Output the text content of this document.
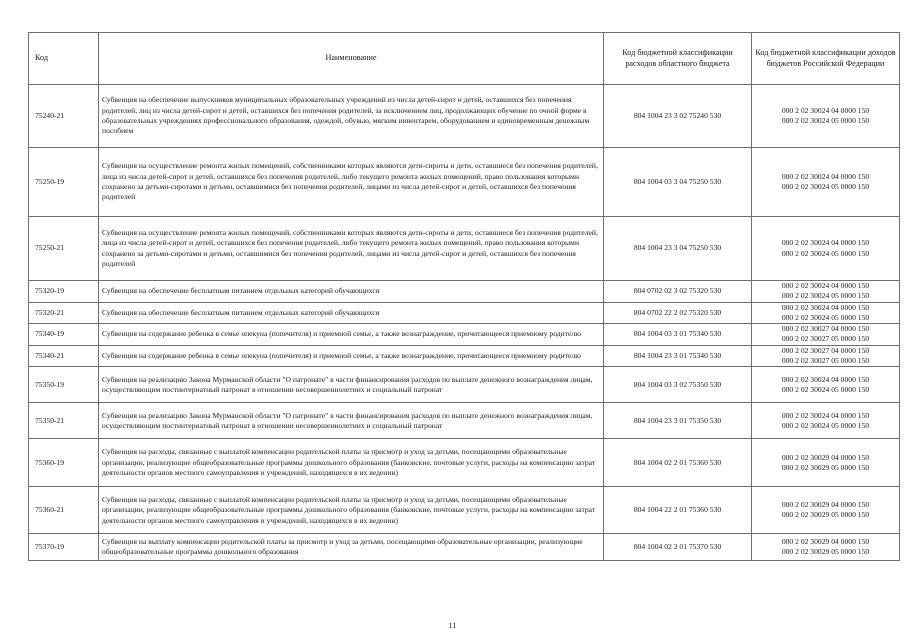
Код	Наименование	Код бюджетной классификации расходов областного бюджета	Код бюджетной классификации доходов бюджетов Российской Федерации
75240-21	Субвенция на обеспечение выпускников муниципальных образовательных учреждений из числа детей-сирот и детей, оставшихся без попечения родителей, лиц из числа детей-сирот и детей, оставшихся без попечения родителей, за исключением лиц, продолжающих обучение по очной форме в образовательных учреждениях профессионального образования, одеждой, обувью, мягким инвентарем, оборудованием и единовременным денежным пособием	804 1004 23 3 02 75240 530	000 2 02 30024 04 0000 150
000 2 02 30024 05 0000 150

75250-19	Субвенция на осуществление ремонта жилых помещений, собственниками которых являются дети-сироты и дети, оставшиеся без попечения родителей, лица из числа детей-сирот и детей, оставшихся без попечения родителей, либо текущего ремонта жилых помещений, право пользования которыми сохранено за детьми-сиротами и детьми, оставшимися без попечения родителей, лицами из числа детей-сирот и детей, оставшихся без попечения родителей	804 1004 03 3 04 75250 530	000 2 02 30024 04 0000 150
000 2 02 30024 05 0000 150

75250-21	Субвенция на осуществление ремонта жилых помещений, собственниками которых являются дети-сироты и дети, оставшиеся без попечения родителей, лица из числа детей-сирот и детей, оставшихся без попечения родителей, либо текущего ремонта жилых помещений, право пользования которыми сохранено за детьми-сиротами и детьми, оставшимися без попечения родителей, лицами из числа детей-сирот и детей, оставшихся без попечения родителей	804 1004 23 3 04 75250 530	000 2 02 30024 04 0000 150
000 2 02 30024 05 0000 150

75320-19	Субвенция на обеспечение бесплатным питанием отдельных категорий обучающихся	804 0702 02 3 02 75320 530	000 2 02 30024 04 0000 150
000 2 02 30024 05 0000 150

75320-21	Субвенция на обеспечение бесплатным питанием отдельных категорий обучающихся	804 0702 22 2 02 75320 530	000 2 02 30024 04 0000 150
000 2 02 30024 05 0000 150

75340-19	Субвенция на содержание ребенка в семье опекуна (попечителя) и приемной семье, а также вознаграждение, причитающееся приемному родителю	804 1004 03 3 01 75340 530	000 2 02 30027 04 0000 150
000 2 02 30027 05 0000 150

75340-21	Субвенция на содержание ребенка в семье опекуна (попечителя) и приемной семье, а также вознаграждение, причитающееся приемному родителю	804 1004 23 3 01 75340 530	000 2 02 30027 04 0000 150
000 2 02 30027 05 0000 150

75350-19	Субвенция на реализацию Закона Мурманской области "О патронате" в части финансирования расходов по выплате денежного вознаграждения лицам, осуществляющим постинтернатный патронат в отношении несовершеннолетних и социальный патронат	804 1004 03 3 02 75350 530	000 2 02 30024 04 0000 150
000 2 02 30024 05 0000 150

75350-21	Субвенция на реализацию Закона Мурманской области "О патронате" в части финансирования расходов по выплате денежного вознаграждения лицам, осуществляющим постинтернатный патронат в отношении несовершеннолетних и социальный патронат	804 1004 23 3 01 75350 530	000 2 02 30024 04 0000 150
000 2 02 30024 05 0000 150

75360-19	Субвенция на расходы, связанные с выплатой компенсации родительской платы за присмотр и уход за детьми, посещающими образовательные организации, реализующие общеобразовательные программы дошкольного образования (банковские, почтовые услуги, расходы на компенсацию затрат деятельности органов местного самоуправления и учреждений, находящихся в их ведении)	804 1004 02 2 01 75360 530	000 2 02 30029 04 0000 150
000 2 02 30029 05 0000 150

75360-21	Субвенция на расходы, связанные с выплатой компенсации родительской платы за присмотр и уход за детьми, посещающими образовательные организации, реализующие общеобразовательные программы дошкольного образования (банковские, почтовые услуги, расходы на компенсацию затрат деятельности органов местного самоуправления и учреждений, находящихся в их ведении)	804 1004 22 2 01 75360 530	000 2 02 30029 04 0000 150
000 2 02 30029 05 0000 150

75370-19	Субвенция на выплату компенсации родительской платы за присмотр и уход за детьми, посещающими образовательные организации, реализующие общеобразовательные программы дошкольного образования	804 1004 02 2 01 75370 530	000 2 02 30029 04 0000 150
000 2 02 30029 05 0000 150
11
